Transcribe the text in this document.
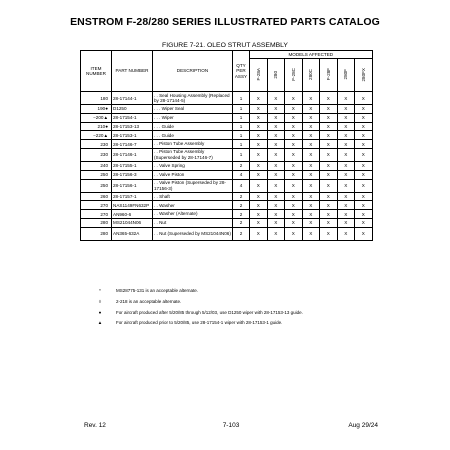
ENSTROM F-28/280 SERIES ILLUSTRATED PARTS CATALOG
FIGURE 7-21. OLEO STRUT ASSEMBLY
ITEM NUMBER	PART NUMBER	DESCRIPTION	QTY PER ASSY	MODELS AFFECTED						
				F-28A	280	F-28C	280C	F-28F	280F	280FX
180	28-17144-1	. . Seal Housing Assembly (Replaced by 28-17144-5)	1	X	X	X	X	X	X	X
190●	D1250	. . . Wiper Seal	1	X	X	X	X	X	X	X
−200▲	28-17154-1	. . . Wiper	1	X	X	X	X	X	X	X
210●	28-17153-13	. . . Guide	1	X	X	X	X	X	X	X
−220▲	28-17153-1	. . . Guide	1	X	X	X	X	X	X	X
230	28-17146-7	. . Piston Tube Assembly	1	X	X	X	X	X	X	X
230	28-17146-1	. . Piston Tube Assembly (Superseded by 28-17146-7)	1	X	X	X	X	X	X	X
240	28-17155-1	. . Valve Spring	2	X	X	X	X	X	X	X
250	28-17156-3	. . Valve Piston	4	X	X	X	X	X	X	X
250	28-17156-1	. . Valve Piston (Superseded by 28-17156-3)	4	X	X	X	X	X	X	X
260	28-17157-1	. . Shaft	2	X	X	X	X	X	X	X
270	NAS1149FN632P	. . Washer	2	X	X	X	X	X	X	X
270	AN960-6	. . Washer (Alternate)	2	X	X	X	X	X	X	X
280	MS21044N06	. . Nut	2	X	X	X	X	X	X	X
280	AN365-632A	. . Nut (Superseded by MS21044N06)	2	X	X	X	X	X	X	X
*	MS28775-131 is an acceptable alternate.
◊	2-218 is an acceptable alternate.
●	For aircraft produced after 5/20/85 through 5/12/03, use D1250 wiper with 28-17153-13 guide.
▲	For aircraft produced prior to 5/20/85, use 28-17154-1 wiper with 28-17153-1 guide.
Rev. 12	7-103	Aug 29/24
